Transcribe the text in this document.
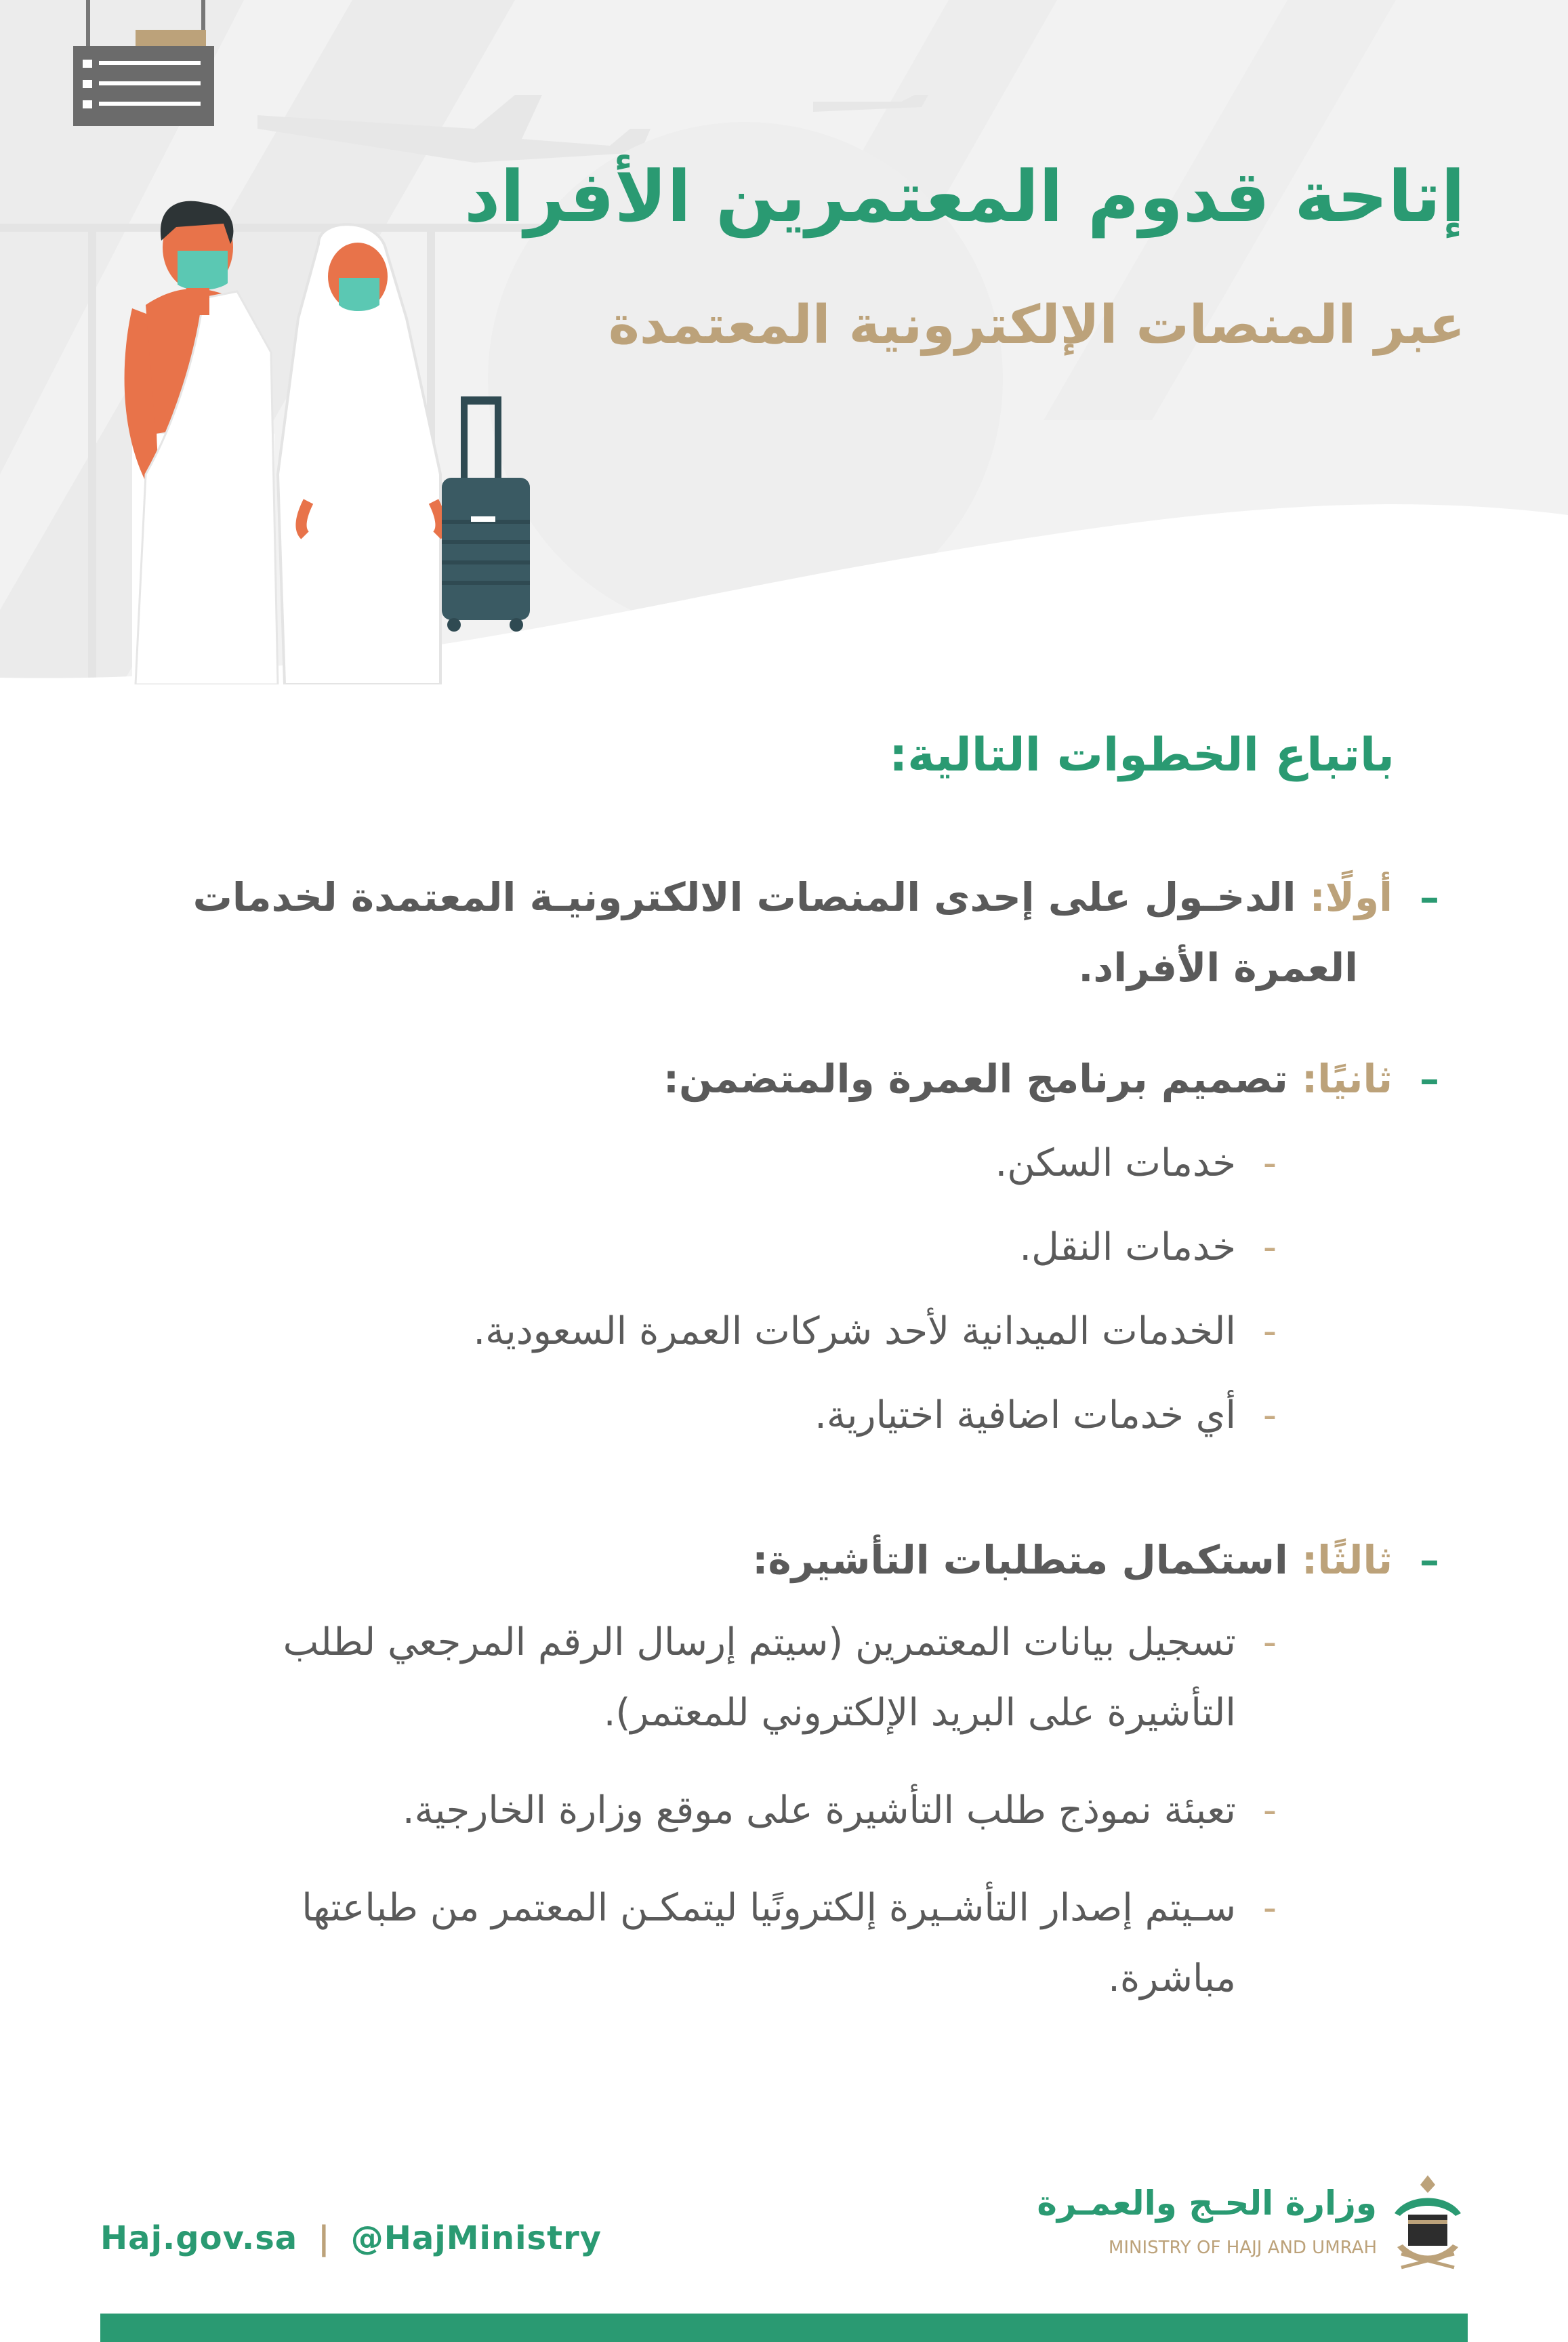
إتاحة قدوم المعتمرين الأفراد
عبر المنصات الإلكترونية المعتمدة
باتباع الخطوات التالية:
–أولًا: الدخـول على إحدى المنصات الالكترونيـة المعتمدة لخدمات
العمرة الأفراد.
–ثانيًا: تصميم برنامج العمرة والمتضمن:
-
خدمات السكن.
-
خدمات النقل.
-
الخدمات الميدانية لأحد شركات العمرة السعودية.
-
أي خدمات اضافية اختيارية.
–ثالثًا: استكمال متطلبات التأشيرة:
-
تسجيل بيانات المعتمرين (سيتم إرسال الرقم المرجعي لطلب التأشيرة على البريد الإلكتروني للمعتمر).
-
تعبئة نموذج طلب التأشيرة على موقع وزارة الخارجية.
-
سـيتم إصدار التأشـيرة إلكترونًيا ليتمكـن المعتمر من طباعتها مباشرة.
Haj.gov.sa | @HajMinistry
وزارة الحـج والعمـرة
MINISTRY OF HAJJ AND UMRAH
